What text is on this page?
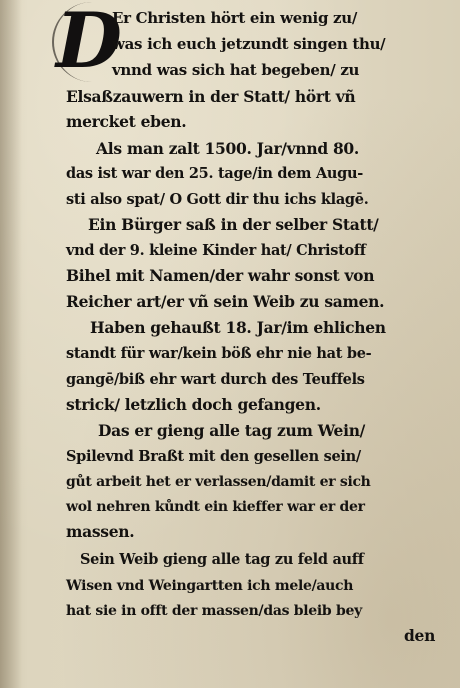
D
Er Christen hört ein wenig zu/
was ich euch jetzundt singen thu/
vnnd was sich hat begeben/ zu
Elsaßzauwern in der Statt/ hört vñ
mercket eben.
Als man zalt 1500. Jar/vnnd 80.
das ist war den 25. tage/in dem Augu-
sti also spat/ O Gott dir thu ichs klagē.
Ein Bürger saß in der selber Statt/
vnd der 9. kleine Kinder hat/ Christoff
Bihel mit Namen/der wahr sonst von
Reicher art/er vñ sein Weib zu samen.
Haben gehaußt 18. Jar/im ehlichen
standt für war/kein böß ehr nie hat be-
gangē/biß ehr wart durch des Teuffels
strick/ letzlich doch gefangen.
Das er gieng alle tag zum Wein/
Spilevnd Braßt mit den gesellen sein/
gůt arbeit het er verlassen/damit er sich
wol nehren kůndt ein kieffer war er der
massen.
Sein Weib gieng alle tag zu feld auff
Wisen vnd Weingartten ich mele/auch
hat sie in offt der massen/das bleib bey
den
